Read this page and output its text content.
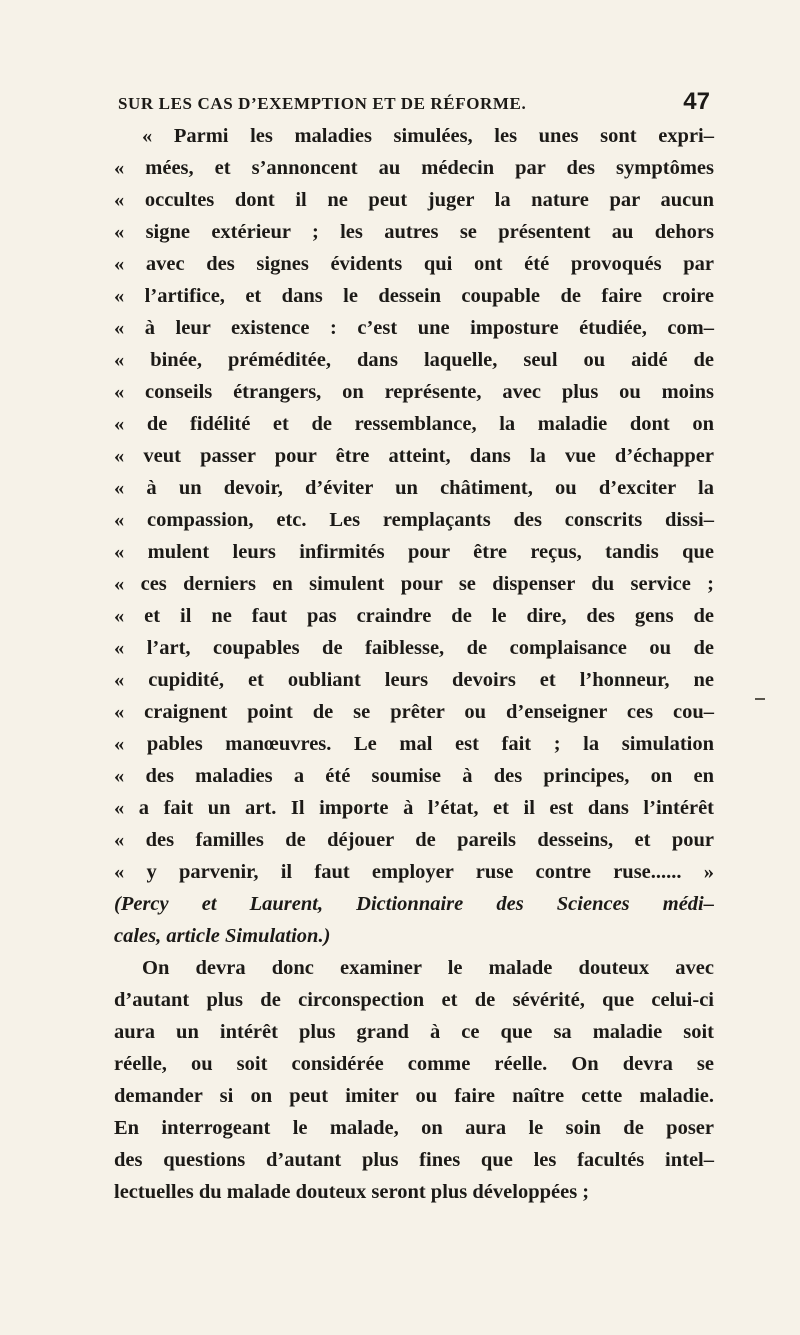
SUR LES CAS D’EXEMPTION ET DE RÉFORME.	47
« Parmi les maladies simulées, les unes sont expri–
« mées, et s’annoncent au médecin par des symptômes
« occultes dont il ne peut juger la nature par aucun
« signe extérieur ; les autres se présentent au dehors
« avec des signes évidents qui ont été provoqués par
« l’artifice, et dans le dessein coupable de faire croire
« à leur existence : c’est une imposture étudiée, com–
« binée, préméditée, dans laquelle, seul ou aidé de
« conseils étrangers, on représente, avec plus ou moins
« de fidélité et de ressemblance, la maladie dont on
« veut passer pour être atteint, dans la vue d’échapper
« à un devoir, d’éviter un châtiment, ou d’exciter la
« compassion, etc. Les remplaçants des conscrits dissi–
« mulent leurs infirmités pour être reçus, tandis que
« ces derniers en simulent pour se dispenser du service ;
« et il ne faut pas craindre de le dire, des gens de
« l’art, coupables de faiblesse, de complaisance ou de
« cupidité, et oubliant leurs devoirs et l’honneur, ne
« craignent point de se prêter ou d’enseigner ces cou–
« pables manœuvres. Le mal est fait ; la simulation
« des maladies a été soumise à des principes, on en
« a fait un art. Il importe à l’état, et il est dans l’intérêt
« des familles de déjouer de pareils desseins, et pour
« y parvenir, il faut employer ruse contre ruse...... »
(Percy et Laurent, Dictionnaire des Sciences médi–
cales, article Simulation.)
On devra donc examiner le malade douteux avec
d’autant plus de circonspection et de sévérité, que celui-ci
aura un intérêt plus grand à ce que sa maladie soit
réelle, ou soit considérée comme réelle. On devra se
demander si on peut imiter ou faire naître cette maladie.
En interrogeant le malade, on aura le soin de poser
des questions d’autant plus fines que les facultés intel–
lectuelles du malade douteux seront plus développées ;
